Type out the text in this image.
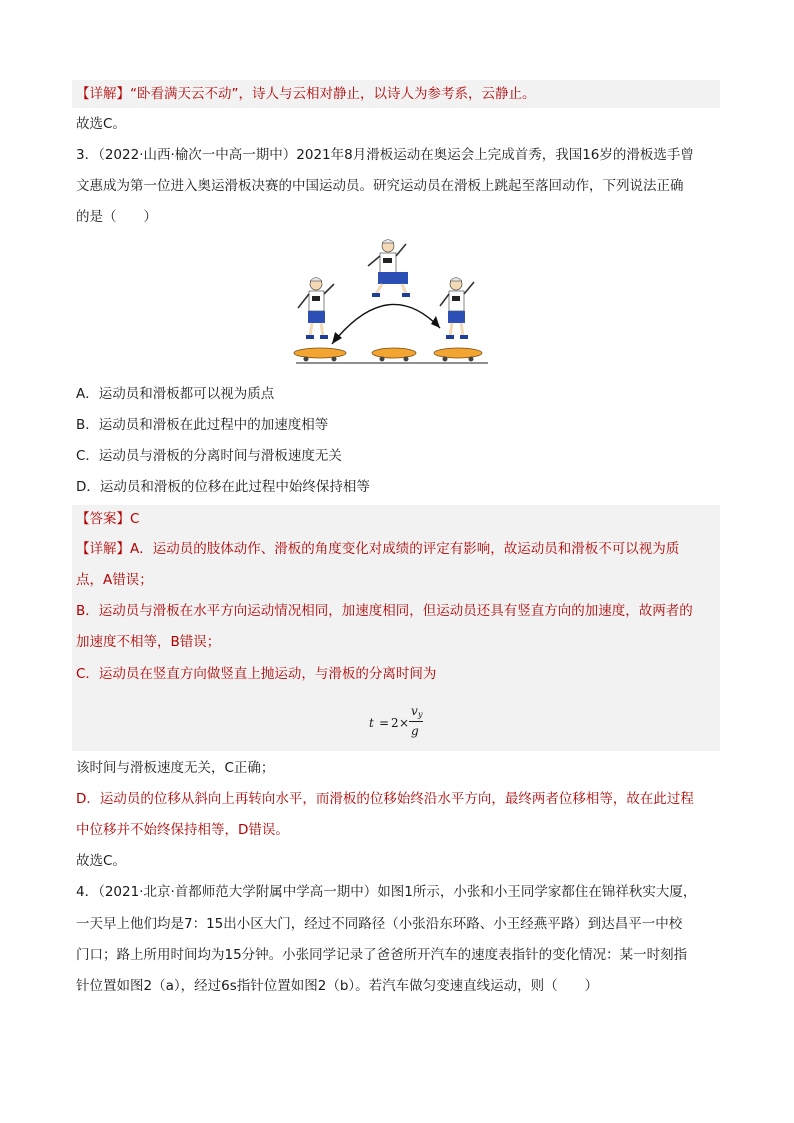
【详解】“卧看满天云不动”，诗人与云相对静止，以诗人为参考系，云静止。
故选C。
3．（2022·山西·榆次一中高一期中）2021年8月滑板运动在奥运会上完成首秀，我国16岁的滑板选手曾
文惠成为第一位进入奥运滑板决赛的中国运动员。研究运动员在滑板上跳起至落回动作，下列说法正确
的是（　　）
A．运动员和滑板都可以视为质点
B．运动员和滑板在此过程中的加速度相等
C．运动员与滑板的分离时间与滑板速度无关
D．运动员和滑板的位移在此过程中始终保持相等
【答案】C
【详解】A．运动员的肢体动作、滑板的角度变化对成绩的评定有影响，故运动员和滑板不可以视为质
点，A错误；
B．运动员与滑板在水平方向运动情况相同，加速度相同，但运动员还具有竖直方向的加速度，故两者的
加速度不相等，B错误；
C．运动员在竖直方向做竖直上抛运动，与滑板的分离时间为
t = 2 ×
v y
g
该时间与滑板速度无关，C正确；
D．运动员的位移从斜向上再转向水平，而滑板的位移始终沿水平方向，最终两者位移相等，故在此过程
中位移并不始终保持相等，D错误。
故选C。
4．（2021·北京·首都师范大学附属中学高一期中）如图1所示，小张和小王同学家都住在锦祥秋实大厦，
一天早上他们均是7：15出小区大门，经过不同路径（小张沿东环路、小王经燕平路）到达昌平一中校
门口；路上所用时间均为15分钟。小张同学记录了爸爸所开汽车的速度表指针的变化情况：某一时刻指
针位置如图2（a），经过6s指针位置如图2（b）。若汽车做匀变速直线运动，则（　　）
